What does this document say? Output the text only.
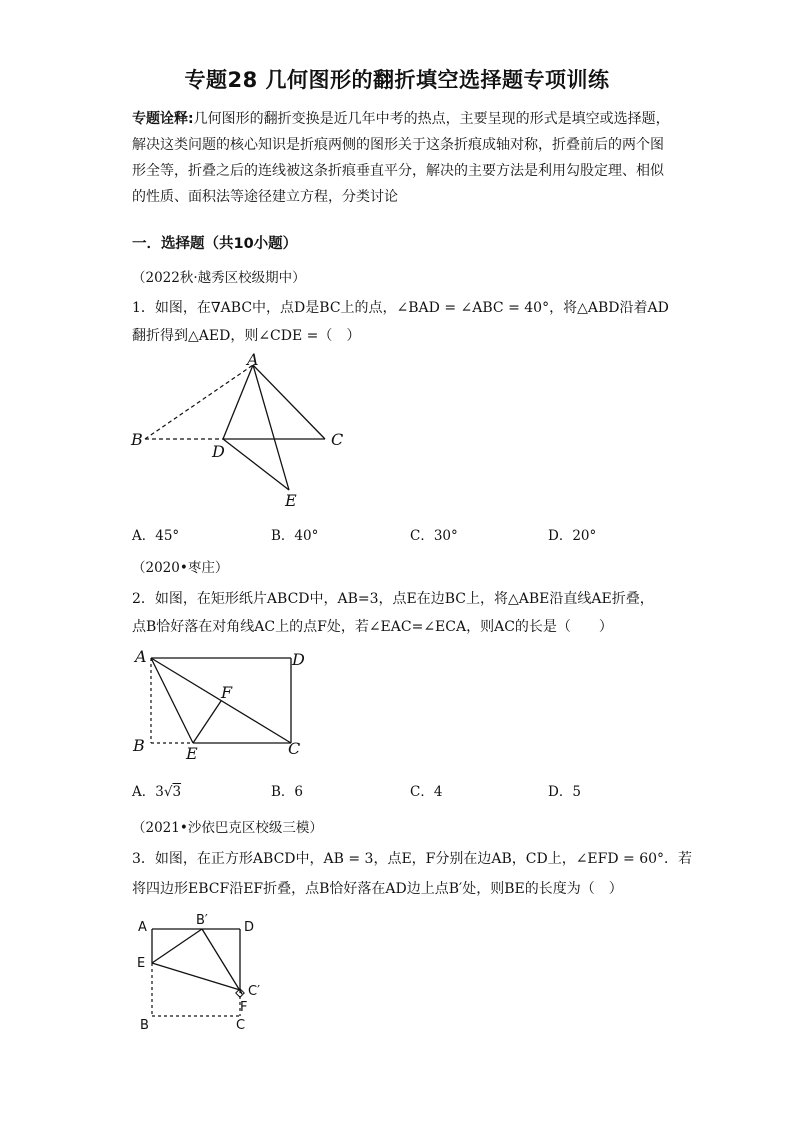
专题28 几何图形的翻折填空选择题专项训练
专题诠释:几何图形的翻折变换是近几年中考的热点，主要呈现的形式是填空或选择题，解决这类问题的核心知识是折痕两侧的图形关于这条折痕成轴对称，折叠前后的两个图形全等，折叠之后的连线被这条折痕垂直平分，解决的主要方法是利用勾股定理、相似的性质、面积法等途径建立方程，分类讨论
一．选择题（共10小题）
（2022秋·越秀区校级期中）
1．如图，在∇ABC中，点D是BC上的点，∠BAD = ∠ABC = 40°，将△ABD沿着AD
翻折得到△AED，则∠CDE =（　）
A
B	C
D
E
A．45°	B．40°	C．30°	D．20°
（2020•枣庄）
2．如图，在矩形纸片ABCD中，AB=3，点E在边BC上，将△ABE沿直线AE折叠，
点B恰好落在对角线AC上的点F处，若∠EAC=∠ECA，则AC的长是（　　）
A	D
F
B	E	C
A．3√3	B．6	C．4	D．5
（2021•沙依巴克区校级三模）
3．如图，在正方形ABCD中，AB = 3，点E，F分别在边AB，CD上，∠EFD = 60°．若
将四边形EBCF沿EF折叠，点B恰好落在AD边上点B′处，则BE的长度为（　）
A	B′	D
E
C′
F
B	C
